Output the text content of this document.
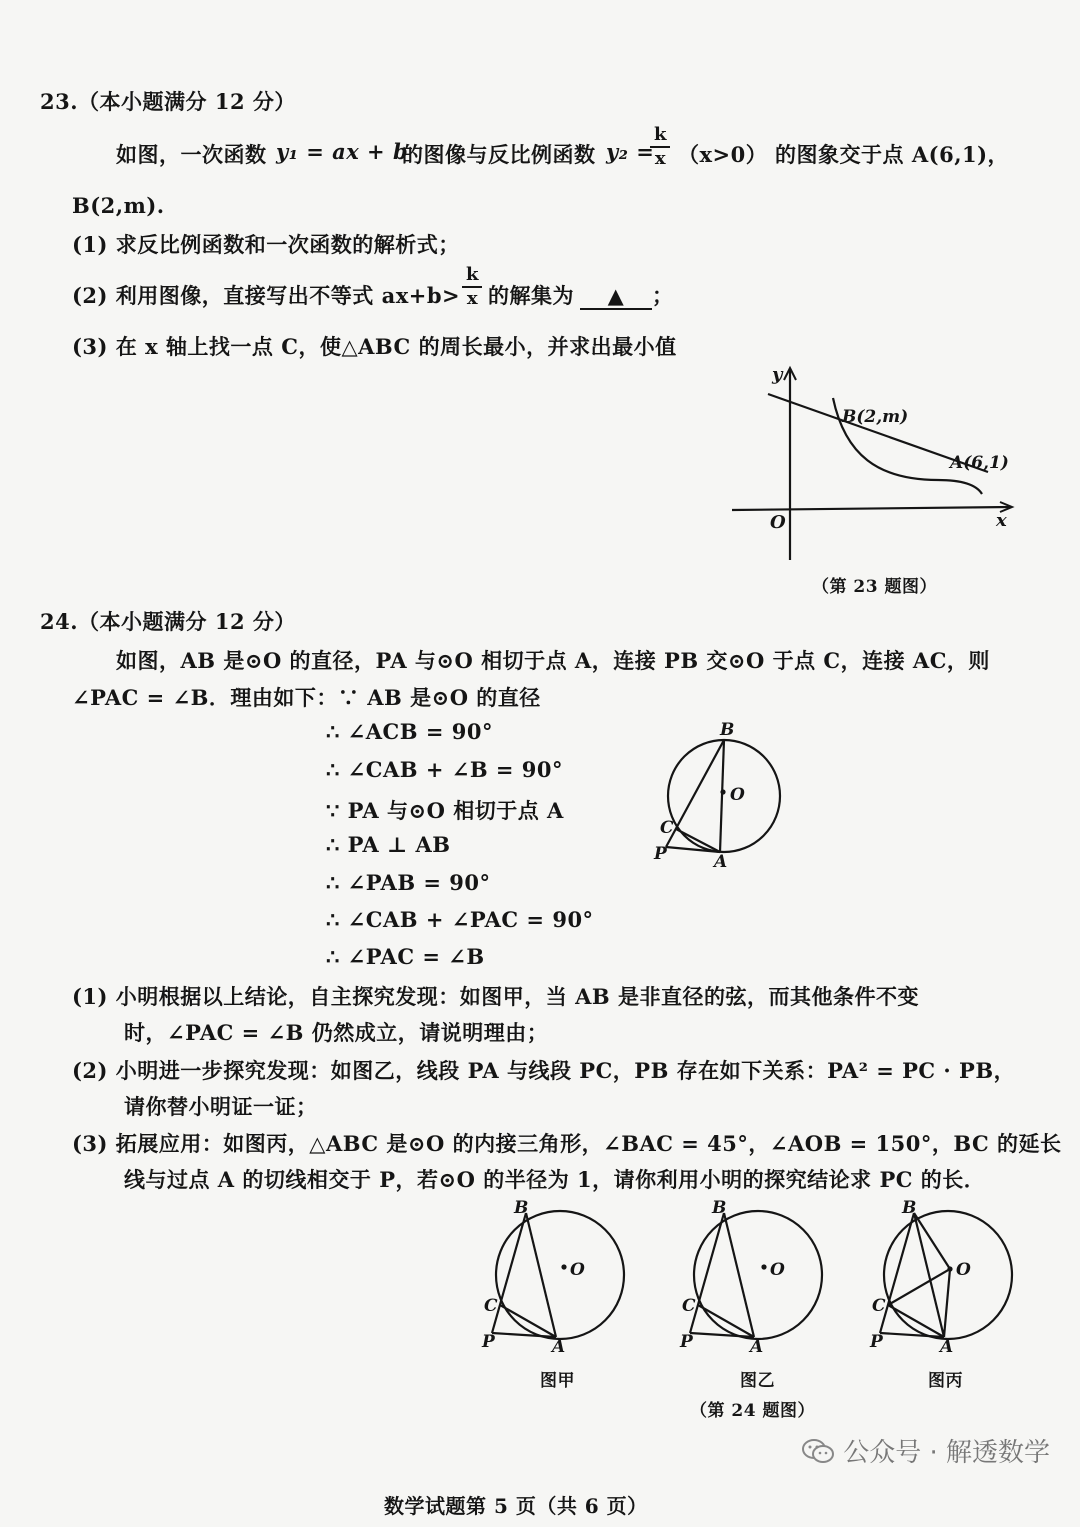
𝟐𝟑.（本小题满分 12 分）
如图，一次函数 y₁ = ax + b
的图像与反比例函数 y₂ =
$\frac{k}{x} (x>0)$ 的图象交于点 A(6,1)，
B(2,m).
(1) 求反比例函数和一次函数的解析式；
(2) 利用图像，直接写出不等式 $ax+b> \frac{k}{x}$ 的解集为	▲ ；
(3) 在 x 轴上找一点 C，使△ABC 的周长最小，并求出最小值
y
x
O
B(2,m)
A(6,1)
（第 23 题图）
24.（本小题满分 12 分）
如图，AB 是⊙O 的直径，PA 与⊙O 相切于点 A，连接 PB 交⊙O 于点 C，连接 AC，则
∠PAC = ∠B．理由如下：∵ AB 是⊙O 的直径
∴ ∠ACB = 90°
∴ ∠CAB + ∠B = 90°
∵ PA 与⊙O 相切于点 A
∴ PA ⊥ AB
∴ ∠PAB = 90°
∴ ∠CAB + ∠PAC = 90°
∴ ∠PAC = ∠B
B
O
C
P	A
(1) 小明根据以上结论，自主探究发现：如图甲，当 AB 是非直径的弦，而其他条件不变
时，∠PAC = ∠B 仍然成立，请说明理由；
(2) 小明进一步探究发现：如图乙，线段 PA 与线段 PC，PB 存在如下关系：PA² = PC · PB，
请你替小明证一证；
(3) 拓展应用：如图丙，△ABC 是⊙O 的内接三角形，∠BAC = 45°，∠AOB = 150°，BC 的延长
线与过点 A 的切线相交于 P，若⊙O 的半径为 1，请你利用小明的探究结论求 PC 的长．
B
O
C
P	A
图甲
B
O
C
P	A
图乙
B
O
C
P	A
图丙
（第 24 题图）
数学试题第 5 页（共 6 页）
公众号 · 解透数学
